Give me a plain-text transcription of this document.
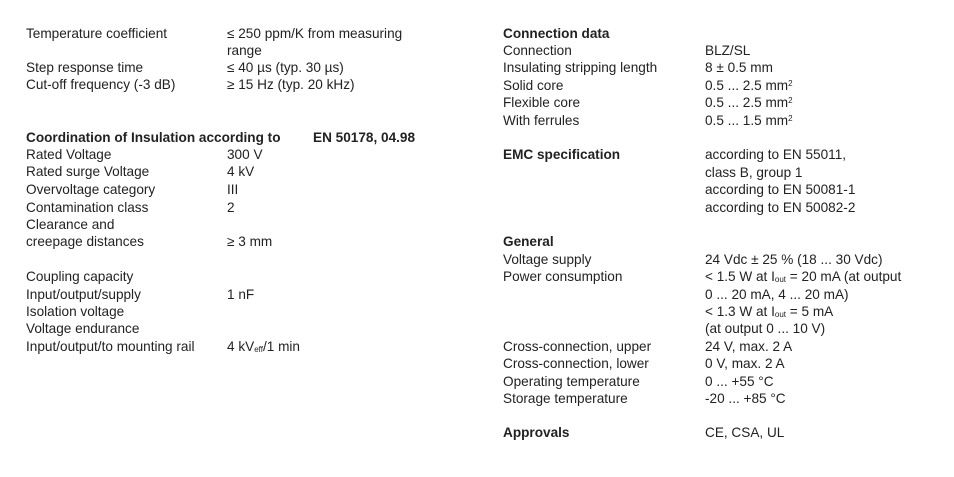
Temperature coefficient	≤ 250 ppm/K from measuring
range
Step response time	≤ 40 µs (typ. 30 µs)
Cut-off frequency (-3 dB)	≥ 15 Hz (typ. 20 kHz)
Coordination of Insulation according to EN 50178, 04.98
Rated Voltage	300 V
Rated surge Voltage	4 kV
Overvoltage category	III
Contamination class	2
Clearance and
creepage distances	≥ 3 mm
Coupling capacity
Input/output/supply	1 nF
Isolation voltage
Voltage endurance
Input/output/to mounting rail 4 $kV_{eff}/1$ min
Connection data
Connection	BLZ/SL
Insulating stripping length	8 ± 0.5 mm
Solid core	0.5 ... 2.5 $mm^2$
Flexible core	0.5 ... 2.5 $mm^2$
With ferrules	0.5 ... 1.5 $mm^2$
EMC specification	according to EN 55011,
class B, group 1
according to EN 50081-1
according to EN 50082-2
General
Voltage supply	24 Vdc ± 25 % (18 ... 30 Vdc)
Power consumption	< 1.5 W at $I_{out} = 20$ mA (at output
0 ... 20 mA, 4 ... 20 mA)
< 1.3 W at $I_{out} = 5$ mA
(at output 0 ... 10 V)
Cross-connection, upper	24 V, max. 2 A
Cross-connection, lower	0 V, max. 2 A
Operating temperature	0 ... +55 °C
Storage temperature	-20 ... +85 °C
Approvals	CE, CSA, UL
